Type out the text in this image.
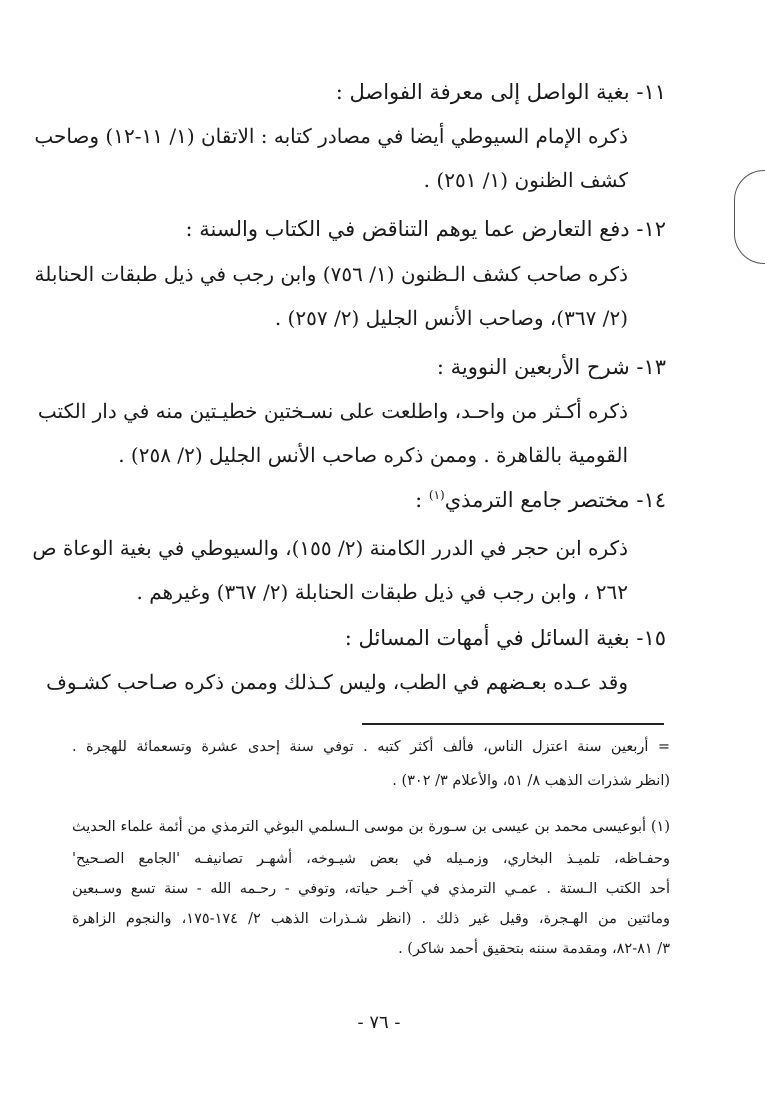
١١- بغية الواصل إلى معرفة الفواصل :
ذكره الإمام السيوطي أيضا في مصادر كتابه : الاتقان (١/ ١١-١٢) وصاحب
كشف الظنون (١/ ٢٥١) .
١٢- دفع التعارض عما يوهم التناقض في الكتاب والسنة :
ذكره صاحب كشف الـظنون (١/ ٧٥٦) وابن رجب في ذيل طبقات الحنابلة
(٢/ ٣٦٧)، وصاحب الأنس الجليل (٢/ ٢٥٧) .
١٣- شرح الأربعين النووية :
ذكره أكـثر من واحـد، واطلعت على نسـختين خطيـتين منه في دار الكتب
القومية بالقاهرة . وممن ذكره صاحب الأنس الجليل (٢/ ٢٥٨) .
١٤- مختصر جامع الترمذي$^{(١)}$ :
ذكره ابن حجر في الدرر الكامنة (٢/ ١٥٥)، والسيوطي في بغية الوعاة ص
٢٦٢ ، وابن رجب في ذيل طبقات الحنابلة (٢/ ٣٦٧) وغيرهم .
١٥- بغية السائل في أمهات المسائل :
وقد عـده بعـضهم في الطب، وليس كـذلك وممن ذكره صـاحب كشـوف
= أربعين سنة اعتزل الناس، فألف أكثر كتبه . توفي سنة إحدى عشرة وتسعمائة للهجرة .
(انظر شذرات الذهب ٨/ ٥١، والأعلام ٣/ ٣٠٢) .
(١) أبوعيسى محمد بن عيسى بن سـورة بن موسى الـسلمي البوغي الترمذي من أئمة علماء الحديث
وحفـاظه، تلميـذ البخاري، وزمـيله في بعض شيـوخه، أشهـر تصانيفـه 'الجامع الصـحيح'
أحد الكتب الـستة . عمـي الترمذي في آخـر حياته، وتوفي - رحـمه الله - سنة تسع وسـبعين
ومائتين من الهـجرة، وقيل غير ذلك . (انظر شـذرات الذهب ٢/ ١٧٤-١٧٥، والنجوم الزاهرة
٣/ ٨١-٨٢، ومقدمة سننه بتحقيق أحمد شاكر) .
- ٧٦ -
